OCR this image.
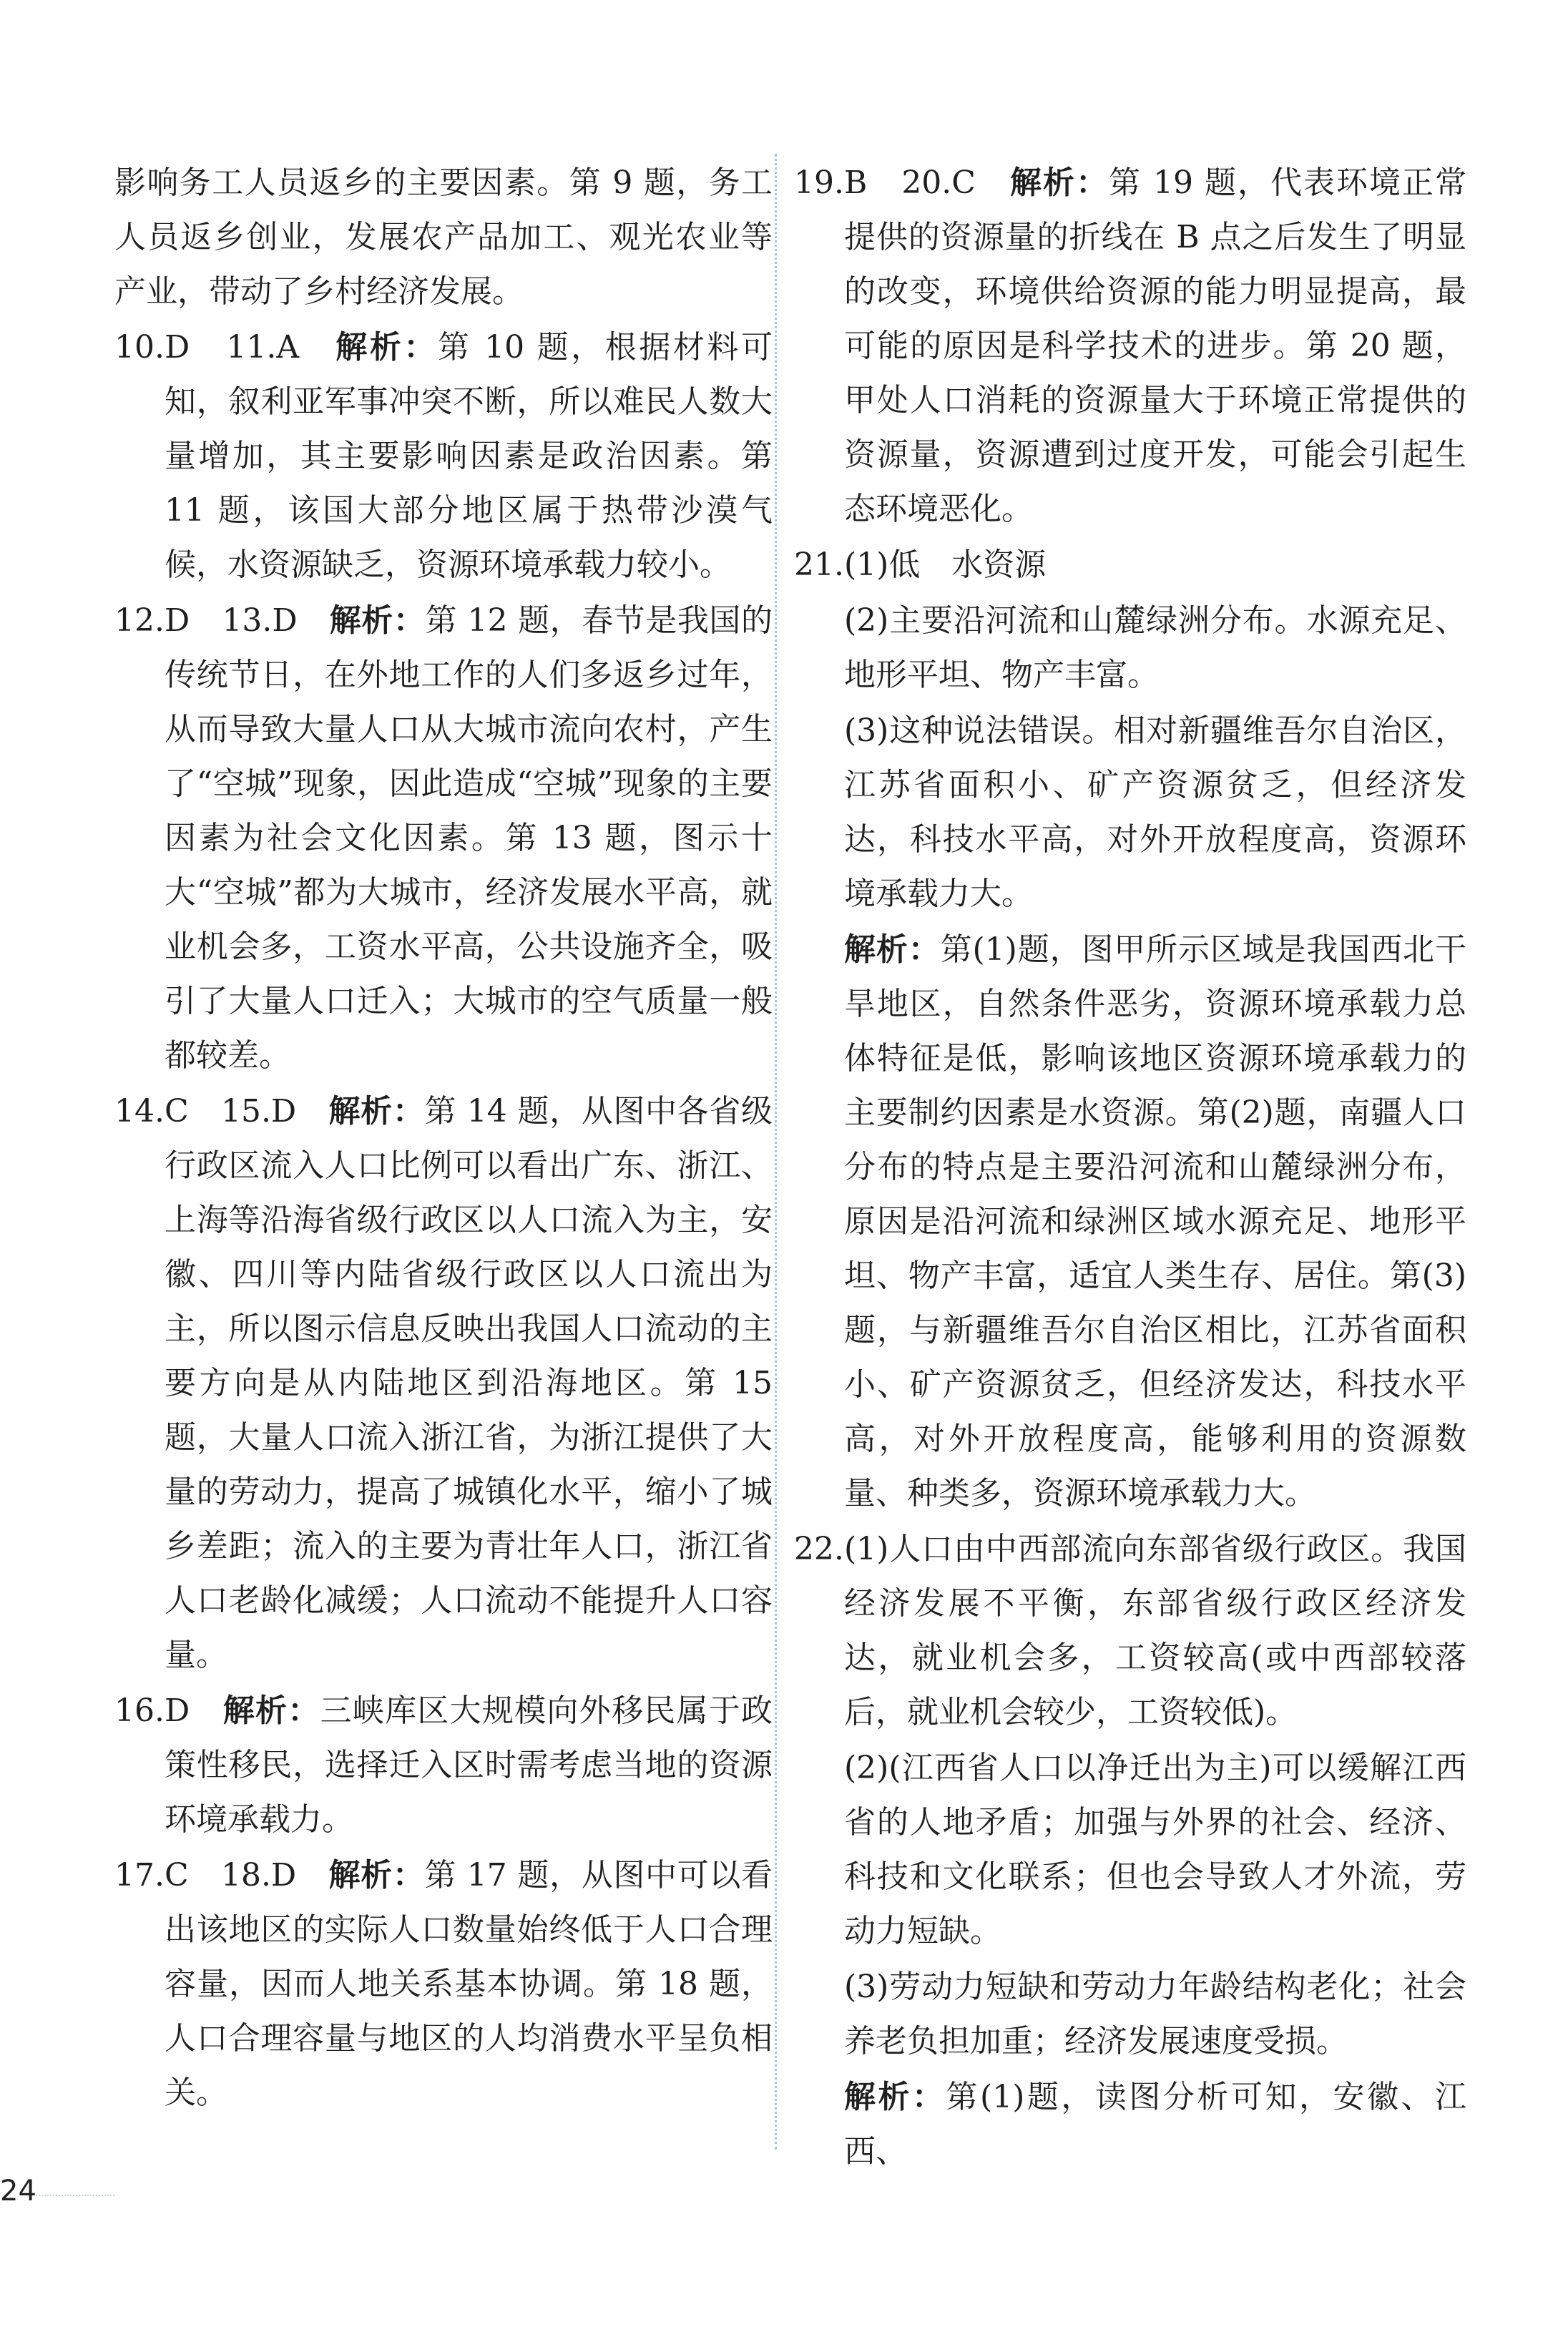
影响务工人员返乡的主要因素。第 9 题，务工人员返乡创业，发展农产品加工、观光农业等产业，带动了乡村经济发展。

10.D　11.A　解析：第 10 题，根据材料可知，叙利亚军事冲突不断，所以难民人数大量增加，其主要影响因素是政治因素。第 11 题，该国大部分地区属于热带沙漠气候，水资源缺乏，资源环境承载力较小。

12.D　13.D　解析：第 12 题，春节是我国的传统节日，在外地工作的人们多返乡过年，从而导致大量人口从大城市流向农村，产生了“空城”现象，因此造成“空城”现象的主要因素为社会文化因素。第 13 题，图示十大“空城”都为大城市，经济发展水平高，就业机会多，工资水平高，公共设施齐全，吸引了大量人口迁入；大城市的空气质量一般都较差。

14.C　15.D　解析：第 14 题，从图中各省级行政区流入人口比例可以看出广东、浙江、上海等沿海省级行政区以人口流入为主，安徽、四川等内陆省级行政区以人口流出为主，所以图示信息反映出我国人口流动的主要方向是从内陆地区到沿海地区。第 15 题，大量人口流入浙江省，为浙江提供了大量的劳动力，提高了城镇化水平，缩小了城乡差距；流入的主要为青壮年人口，浙江省人口老龄化减缓；人口流动不能提升人口容量。

16.D　解析：三峡库区大规模向外移民属于政策性移民，选择迁入区时需考虑当地的资源环境承载力。

17.C　18.D　解析：第 17 题，从图中可以看出该地区的实际人口数量始终低于人口合理容量，因而人地关系基本协调。第 18 题，人口合理容量与地区的人均消费水平呈负相关。

19.B　20.C　解析：第 19 题，代表环境正常提供的资源量的折线在 B 点之后发生了明显的改变，环境供给资源的能力明显提高，最可能的原因是科学技术的进步。第 20 题，甲处人口消耗的资源量大于环境正常提供的资源量，资源遭到过度开发，可能会引起生态环境恶化。

21.(1)低　水资源

(2)主要沿河流和山麓绿洲分布。水源充足、地形平坦、物产丰富。

(3)这种说法错误。相对新疆维吾尔自治区，江苏省面积小、矿产资源贫乏，但经济发达，科技水平高，对外开放程度高，资源环境承载力大。

解析：第(1)题，图甲所示区域是我国西北干旱地区，自然条件恶劣，资源环境承载力总体特征是低，影响该地区资源环境承载力的主要制约因素是水资源。第(2)题，南疆人口分布的特点是主要沿河流和山麓绿洲分布，原因是沿河流和绿洲区域水源充足、地形平坦、物产丰富，适宜人类生存、居住。第(3)题，与新疆维吾尔自治区相比，江苏省面积小、矿产资源贫乏，但经济发达，科技水平高，对外开放程度高，能够利用的资源数量、种类多，资源环境承载力大。

22.(1)人口由中西部流向东部省级行政区。我国经济发展不平衡，东部省级行政区经济发达，就业机会多，工资较高(或中西部较落后，就业机会较少，工资较低)。

(2)(江西省人口以净迁出为主)可以缓解江西省的人地矛盾；加强与外界的社会、经济、科技和文化联系；但也会导致人才外流，劳动力短缺。

(3)劳动力短缺和劳动力年龄结构老化；社会养老负担加重；经济发展速度受损。

解析：第(1)题，读图分析可知，安徽、江西、

24
